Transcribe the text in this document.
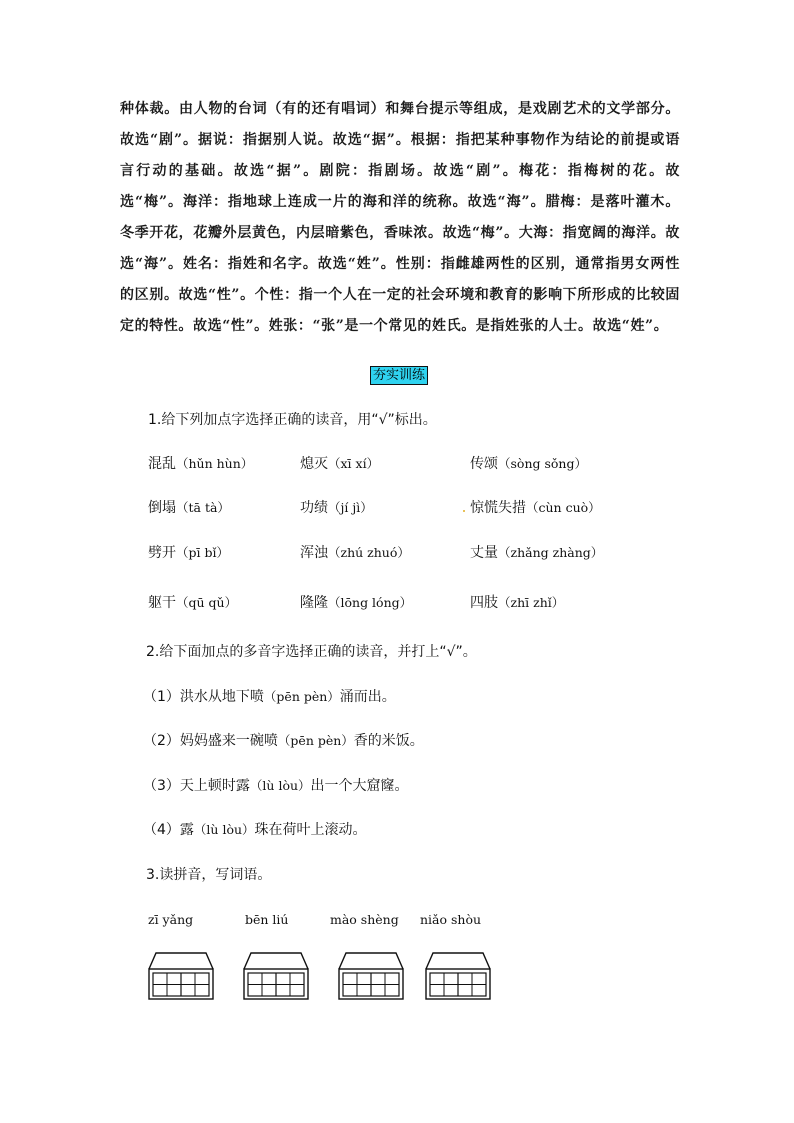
种体裁。由人物的台词（有的还有唱词）和舞台提示等组成，是戏剧艺术的文学部分。故选“剧”。据说：指据别人说。故选“据”。根据：指把某种事物作为结论的前提或语言行动的基础。故选“据”。剧院：指剧场。故选“剧”。梅花：指梅树的花。故选“梅”。海洋：指地球上连成一片的海和洋的统称。故选“海”。腊梅：是落叶灌木。冬季开花，花瓣外层黄色，内层暗紫色，香味浓。故选“梅”。大海：指宽阔的海洋。故选“海”。姓名：指姓和名字。故选“姓”。性别：指雌雄两性的区别，通常指男女两性的区别。故选“性”。个性：指一个人在一定的社会环境和教育的影响下所形成的比较固定的特性。故选“性”。姓张：“张”是一个常见的姓氏。是指姓张的人士。故选“姓”。
夯实训练
1.给下列加点字选择正确的读音，用“√”标出。
混乱（hǔn hùn）	熄灭（xī xí）	传颂（sòng sǒng）
倒塌（tā tà）	功绩（jí jì）	惊慌失措（cùn cuò）
劈开（pī bǐ）	浑浊（zhú zhuó）	丈量（zhǎng zhàng）
躯干（qū qǔ）	隆隆（lōng lóng）	四肢（zhī zhǐ）
2.给下面加点的多音字选择正确的读音，并打上“√”。
（1）洪水从地下喷（pēn pèn）涌而出。
（2）妈妈盛来一碗喷（pēn pèn）香的米饭。
（3）天上顿时露（lù lòu）出一个大窟窿。
（4）露（lù lòu）珠在荷叶上滚动。
3.读拼音，写词语。
zī yǎng	bēn liú	mào shèng niǎo shòu
